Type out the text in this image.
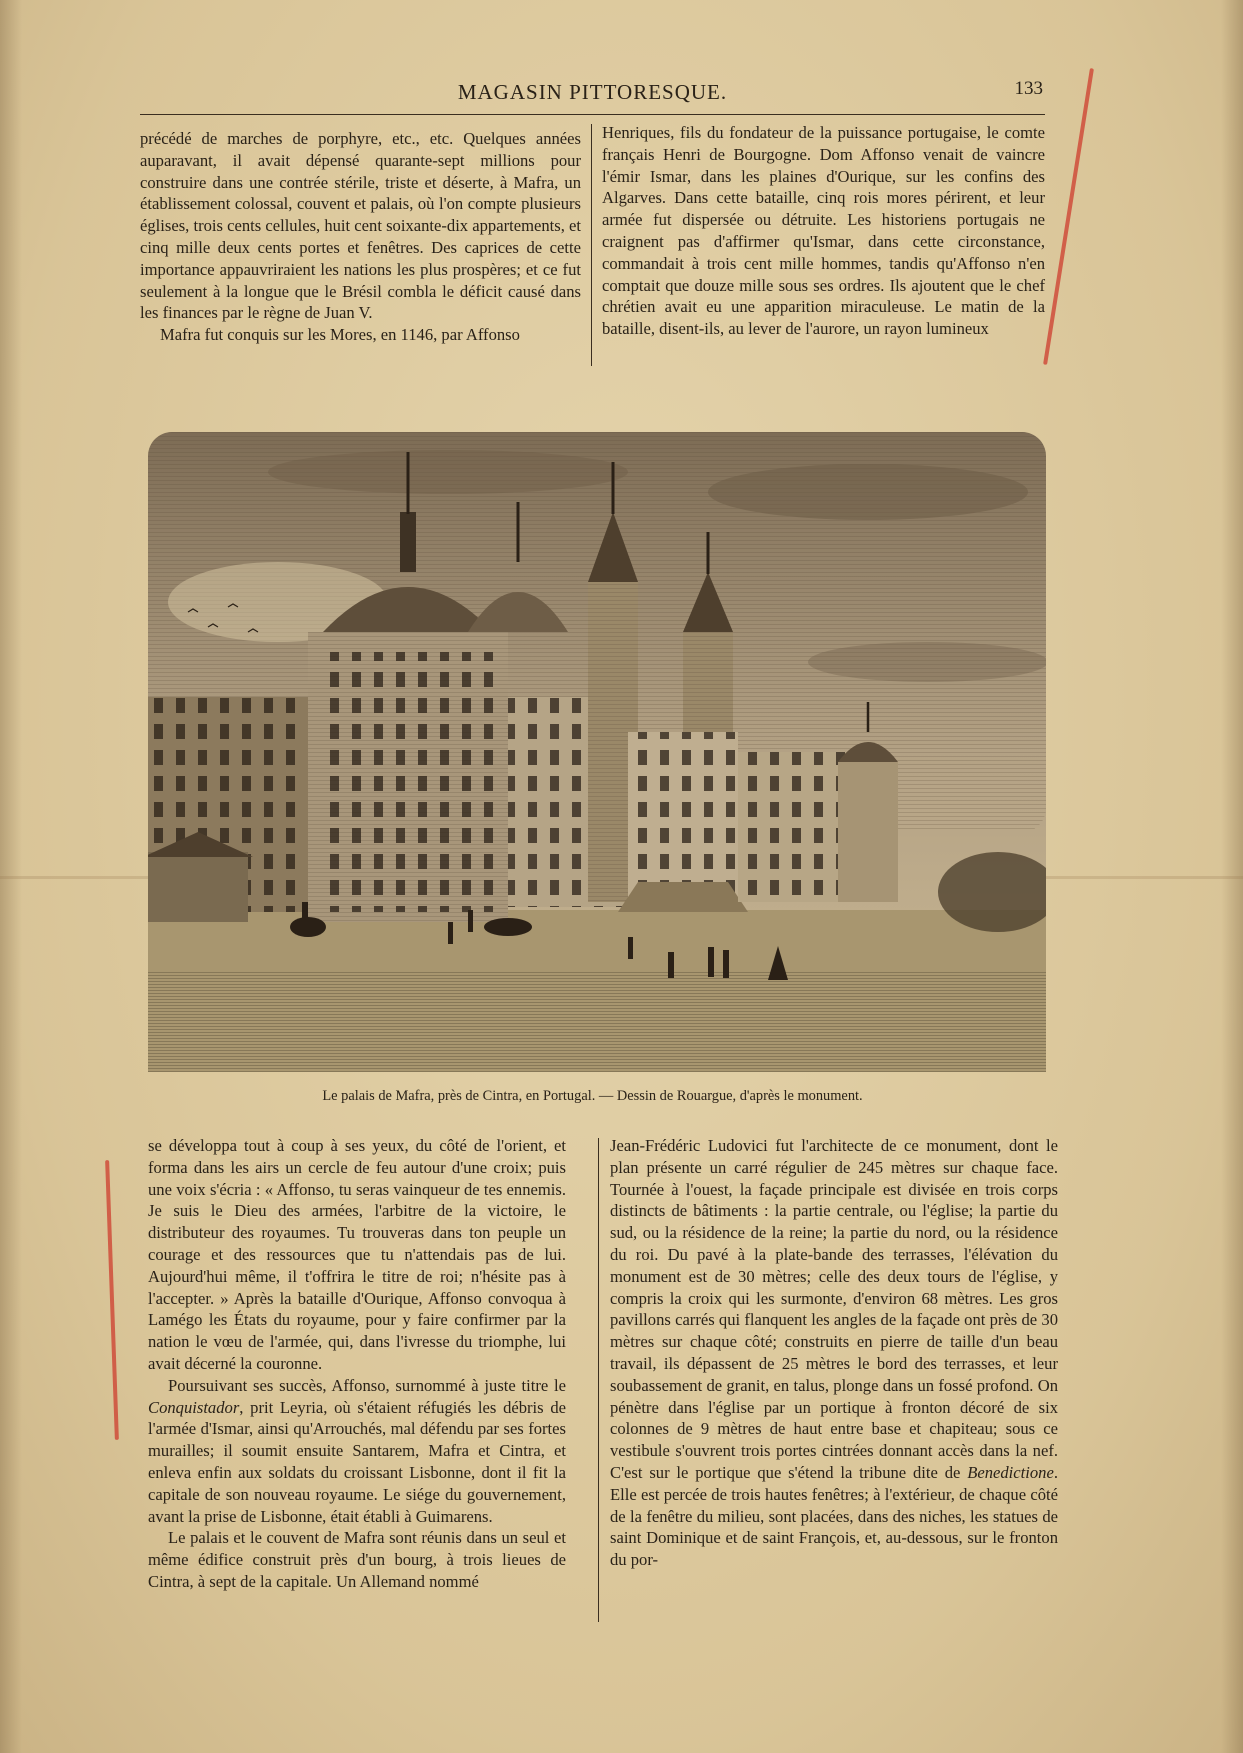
MAGASIN PITTORESQUE.	133

précédé de marches de porphyre, etc., etc. Quelques années auparavant, il avait dépensé quarante-sept millions pour construire dans une contrée stérile, triste et déserte, à Mafra, un établissement colossal, couvent et palais, où l'on compte plusieurs églises, trois cents cellules, huit cent soixante-dix appartements, et cinq mille deux cents portes et fenêtres. Des caprices de cette importance appauvriraient les nations les plus prospères; et ce fut seulement à la longue que le Brésil combla le déficit causé dans les finances par le règne de Juan V.

Mafra fut conquis sur les Mores, en 1146, par Affonso

Henriques, fils du fondateur de la puissance portugaise, le comte français Henri de Bourgogne. Dom Affonso venait de vaincre l'émir Ismar, dans les plaines d'Ourique, sur les confins des Algarves. Dans cette bataille, cinq rois mores périrent, et leur armée fut dispersée ou détruite. Les historiens portugais ne craignent pas d'affirmer qu'Ismar, dans cette circonstance, commandait à trois cent mille hommes, tandis qu'Affonso n'en comptait que douze mille sous ses ordres. Ils ajoutent que le chef chrétien avait eu une apparition miraculeuse. Le matin de la bataille, disent-ils, au lever de l'aurore, un rayon lumineux

Le palais de Mafra, près de Cintra, en Portugal. — Dessin de Rouargue, d'après le monument.

se développa tout à coup à ses yeux, du côté de l'orient, et forma dans les airs un cercle de feu autour d'une croix; puis une voix s'écria : « Affonso, tu seras vainqueur de tes ennemis. Je suis le Dieu des armées, l'arbitre de la victoire, le distributeur des royaumes. Tu trouveras dans ton peuple un courage et des ressources que tu n'attendais pas de lui. Aujourd'hui même, il t'offrira le titre de roi; n'hésite pas à l'accepter. » Après la bataille d'Ourique, Affonso convoqua à Lamégo les États du royaume, pour y faire confirmer par la nation le vœu de l'armée, qui, dans l'ivresse du triomphe, lui avait décerné la couronne.

Poursuivant ses succès, Affonso, surnommé à juste titre le Conquistador, prit Leyria, où s'étaient réfugiés les débris de l'armée d'Ismar, ainsi qu'Arrouchés, mal défendu par ses fortes murailles; il soumit ensuite Santarem, Mafra et Cintra, et enleva enfin aux soldats du croissant Lisbonne, dont il fit la capitale de son nouveau royaume. Le siége du gouvernement, avant la prise de Lisbonne, était établi à Guimarens.

Le palais et le couvent de Mafra sont réunis dans un seul et même édifice construit près d'un bourg, à trois lieues de Cintra, à sept de la capitale. Un Allemand nommé

Jean-Frédéric Ludovici fut l'architecte de ce monument, dont le plan présente un carré régulier de 245 mètres sur chaque face. Tournée à l'ouest, la façade principale est divisée en trois corps distincts de bâtiments : la partie centrale, ou l'église; la partie du sud, ou la résidence de la reine; la partie du nord, ou la résidence du roi. Du pavé à la plate-bande des terrasses, l'élévation du monument est de 30 mètres; celle des deux tours de l'église, y compris la croix qui les surmonte, d'environ 68 mètres. Les gros pavillons carrés qui flanquent les angles de la façade ont près de 30 mètres sur chaque côté; construits en pierre de taille d'un beau travail, ils dépassent de 25 mètres le bord des terrasses, et leur soubassement de granit, en talus, plonge dans un fossé profond. On pénètre dans l'église par un portique à fronton décoré de six colonnes de 9 mètres de haut entre base et chapiteau; sous ce vestibule s'ouvrent trois portes cintrées donnant accès dans la nef. C'est sur le portique que s'étend la tribune dite de Benedictione. Elle est percée de trois hautes fenêtres; à l'extérieur, de chaque côté de la fenêtre du milieu, sont placées, dans des niches, les statues de saint Dominique et de saint François, et, au-dessous, sur le fronton du por-
